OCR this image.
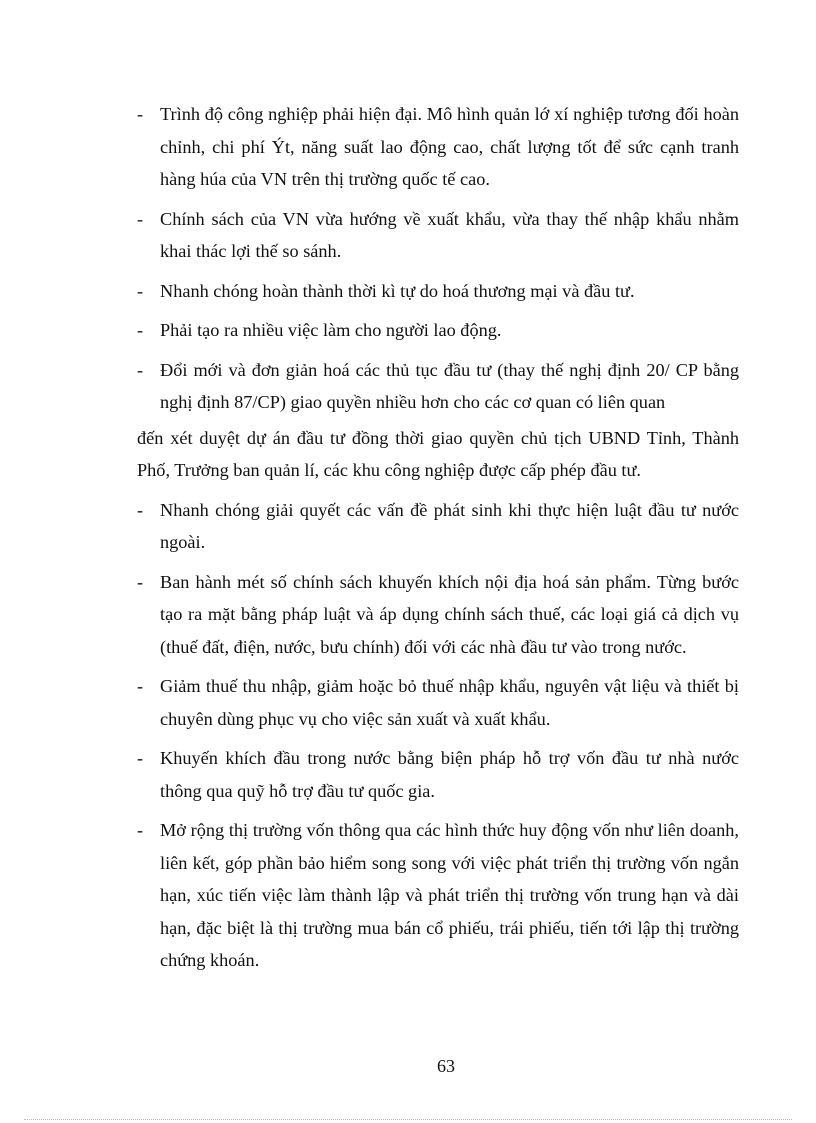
- Trình độ công nghiệp phải hiện đại. Mô hình quản lớ xí nghiệp tương đối hoàn chỉnh, chi phí Ýt, năng suất lao động cao, chất lượng tốt để sức cạnh tranh hàng húa của VN trên thị trường quốc tế cao.
- Chính sách của VN vừa hướng về xuất khẩu, vừa thay thế nhập khẩu nhằm khai thác lợi thế so sánh.
- Nhanh chóng hoàn thành thời kì tự do hoá thương mại và đầu tư.
- Phải tạo ra nhiều việc làm cho người lao động.
- Đổi mới và đơn giản hoá các thủ tục đầu tư (thay thế nghị định 20/ CP bằng nghị định 87/CP) giao quyền nhiều hơn cho các cơ quan có liên quan
đến xét duyệt dự án đầu tư đồng thời giao quyền chủ tịch UBND Tỉnh, Thành Phố, Trưởng ban quản lí, các khu công nghiệp được cấp phép đầu tư.
- Nhanh chóng giải quyết các vấn đề phát sinh khi thực hiện luật đầu tư nước ngoài.
- Ban hành mét số chính sách khuyến khích nội địa hoá sản phẩm. Từng bước tạo ra mặt bằng pháp luật và áp dụng chính sách thuế, các loại giá cả dịch vụ (thuế đất, điện, nước, bưu chính) đối với các nhà đầu tư vào trong nước.
- Giảm thuế thu nhập, giảm hoặc bỏ thuế nhập khẩu, nguyên vật liệu và thiết bị chuyên dùng phục vụ cho việc sản xuất và xuất khẩu.
- Khuyến khích đầu trong nước bằng biện pháp hỗ trợ vốn đầu tư nhà nước thông qua quỹ hỗ trợ đầu tư quốc gia.
- Mở rộng thị trường vốn thông qua các hình thức huy động vốn như liên doanh, liên kết, góp phần bảo hiểm song song với việc phát triển thị trường vốn ngắn hạn, xúc tiến việc làm thành lập và phát triển thị trường vốn trung hạn và dài hạn, đặc biệt là thị trường mua bán cổ phiếu, trái phiếu, tiến tới lập thị trường chứng khoán.
63
